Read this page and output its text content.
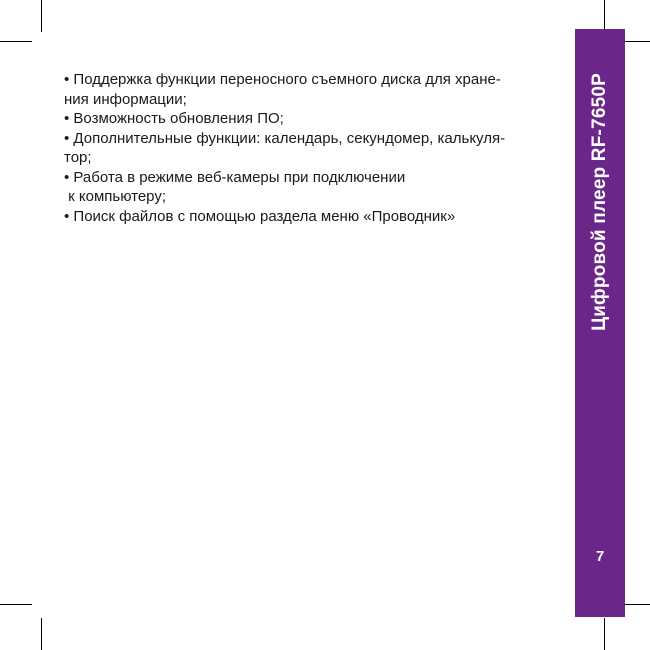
• Поддержка функции переносного съемного диска для хране-
ния информации;
• Возможность обновления ПО;
• Дополнительные функции: календарь, секундомер, калькуля-
тор;
• Работа в режиме веб-камеры при подключении
к компьютеру;
• Поиск файлов с помощью раздела меню «Проводник»	Цифровой плеер RF-7650P
7
